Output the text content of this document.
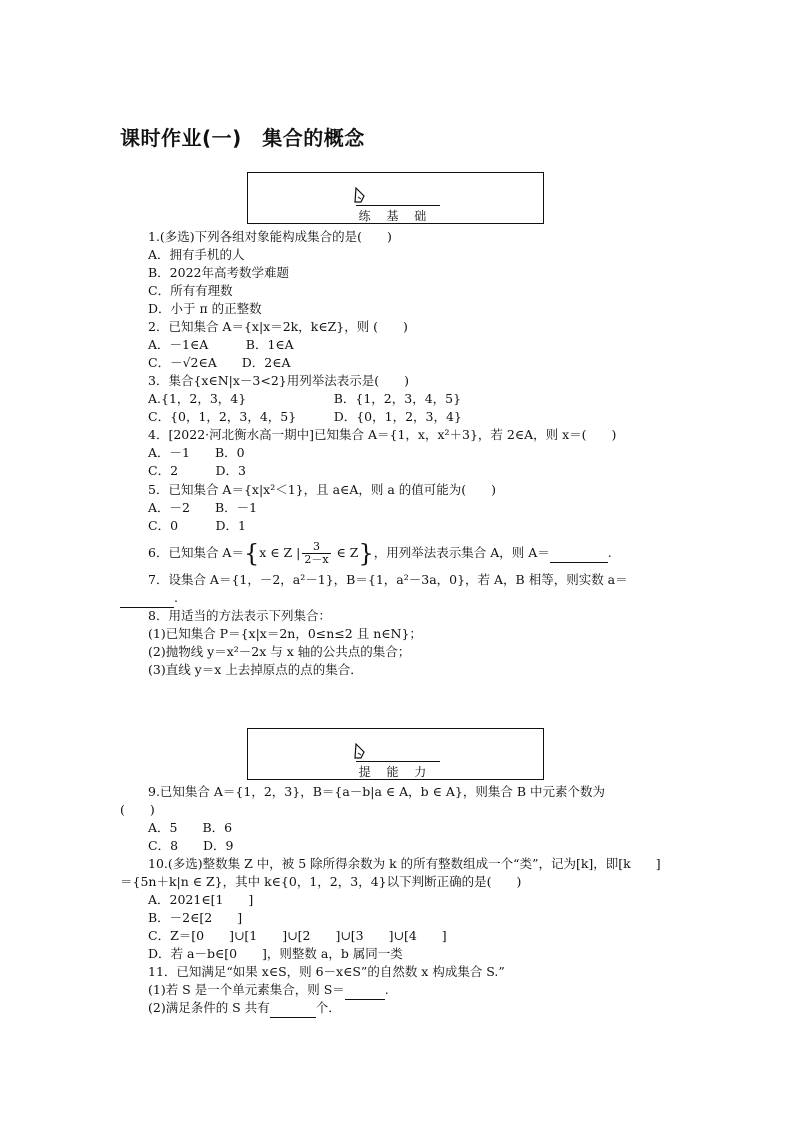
课时作业(一)　集合的概念
练 基 础
1.(多选)下列各组对象能构成集合的是(　　)
A．拥有手机的人
B．2022年高考数学难题
C．所有有理数
D．小于 π 的正整数
2．已知集合 A＝{x|x＝2k，k∈Z}，则 (　　)
A．－1∈A　　　B．1∈A
C．－√2∈A　　D．2∈A
3．集合{x∈N|x－3<2}用列举法表示是(　　)
A.{1，2，3，4}　　　　　　　B．{1，2，3，4，5}
C．{0，1，2，3，4，5}　　　D．{0，1，2，3，4}
4．[2022·河北衡水高一期中]已知集合 A＝{1，x，x²＋3}，若 2∈A，则 x＝(　　)
A．－1　　B．0
C．2　　　D．3
5．已知集合 A＝{x|x²＜1}，且 a∈A，则 a 的值可能为(　　)
A．－2　　B．－1
C．0　　　D．1
6．已知集合 A＝{x ∈ Z | $\frac{3}{2-x}$ ∈ Z}，用列举法表示集合 A，则 A＝	.
7．设集合 A＝{1，－2，a²－1}，B＝{1，a²－3a，0}，若 A，B 相等，则实数 a＝
.
8．用适当的方法表示下列集合：
(1)已知集合 P＝{x|x＝2n，0≤n≤2 且 n∈N}；
(2)抛物线 y＝x²－2x 与 x 轴的公共点的集合；
(3)直线 y＝x 上去掉原点的点的集合．
提 能 力
9.已知集合 A＝{1，2，3}，B＝{a－b|a ∈ A，b ∈ A}，则集合 B 中元素个数为
(　　)
A．5　　B．6
C．8　　D．9
10.(多选)整数集 Z 中，被 5 除所得余数为 k 的所有整数组成一个“类”，记为[k]，即[k　　]
＝{5n＋k|n ∈ Z}，其中 k∈{0，1，2，3，4}以下判断正确的是(　　)
A．2021∈[1　　]
B．－2∈[2　　]
C．Z＝[0　　]∪[1　　]∪[2　　]∪[3　　]∪[4　　]
D．若 a－b∈[0　　]，则整数 a，b 属同一类
11．已知满足“如果 x∈S，则 6－x∈S”的自然数 x 构成集合 S.”
(1)若 S 是一个单元素集合，则 S＝	.
(2)满足条件的 S 共有	个．
